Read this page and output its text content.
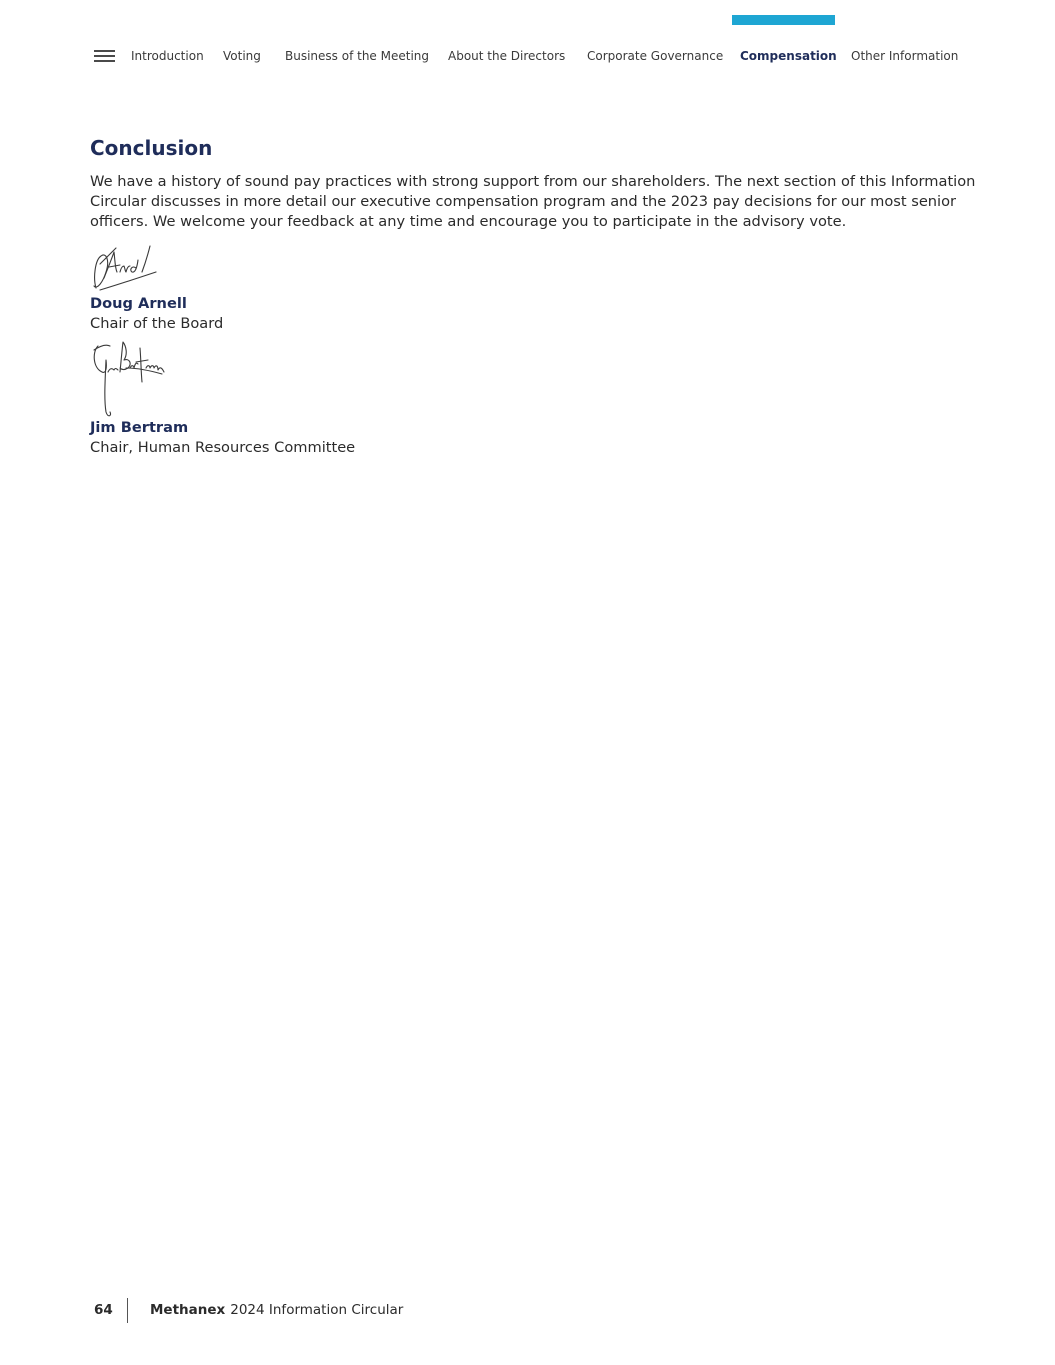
Introduction Voting Business of the Meeting About the Directors Corporate Governance Compensation Other Information
Conclusion

We have a history of sound pay practices with strong support from our shareholders. The next section of this Information Circular discusses in more detail our executive compensation program and the 2023 pay decisions for our most senior officers. We welcome your feedback at any time and encourage you to participate in the advisory vote.

Doug Arnell
Chair of the Board
Jim Bertram
Chair, Human Resources Committee
64	Methanex 2024 Information Circular
